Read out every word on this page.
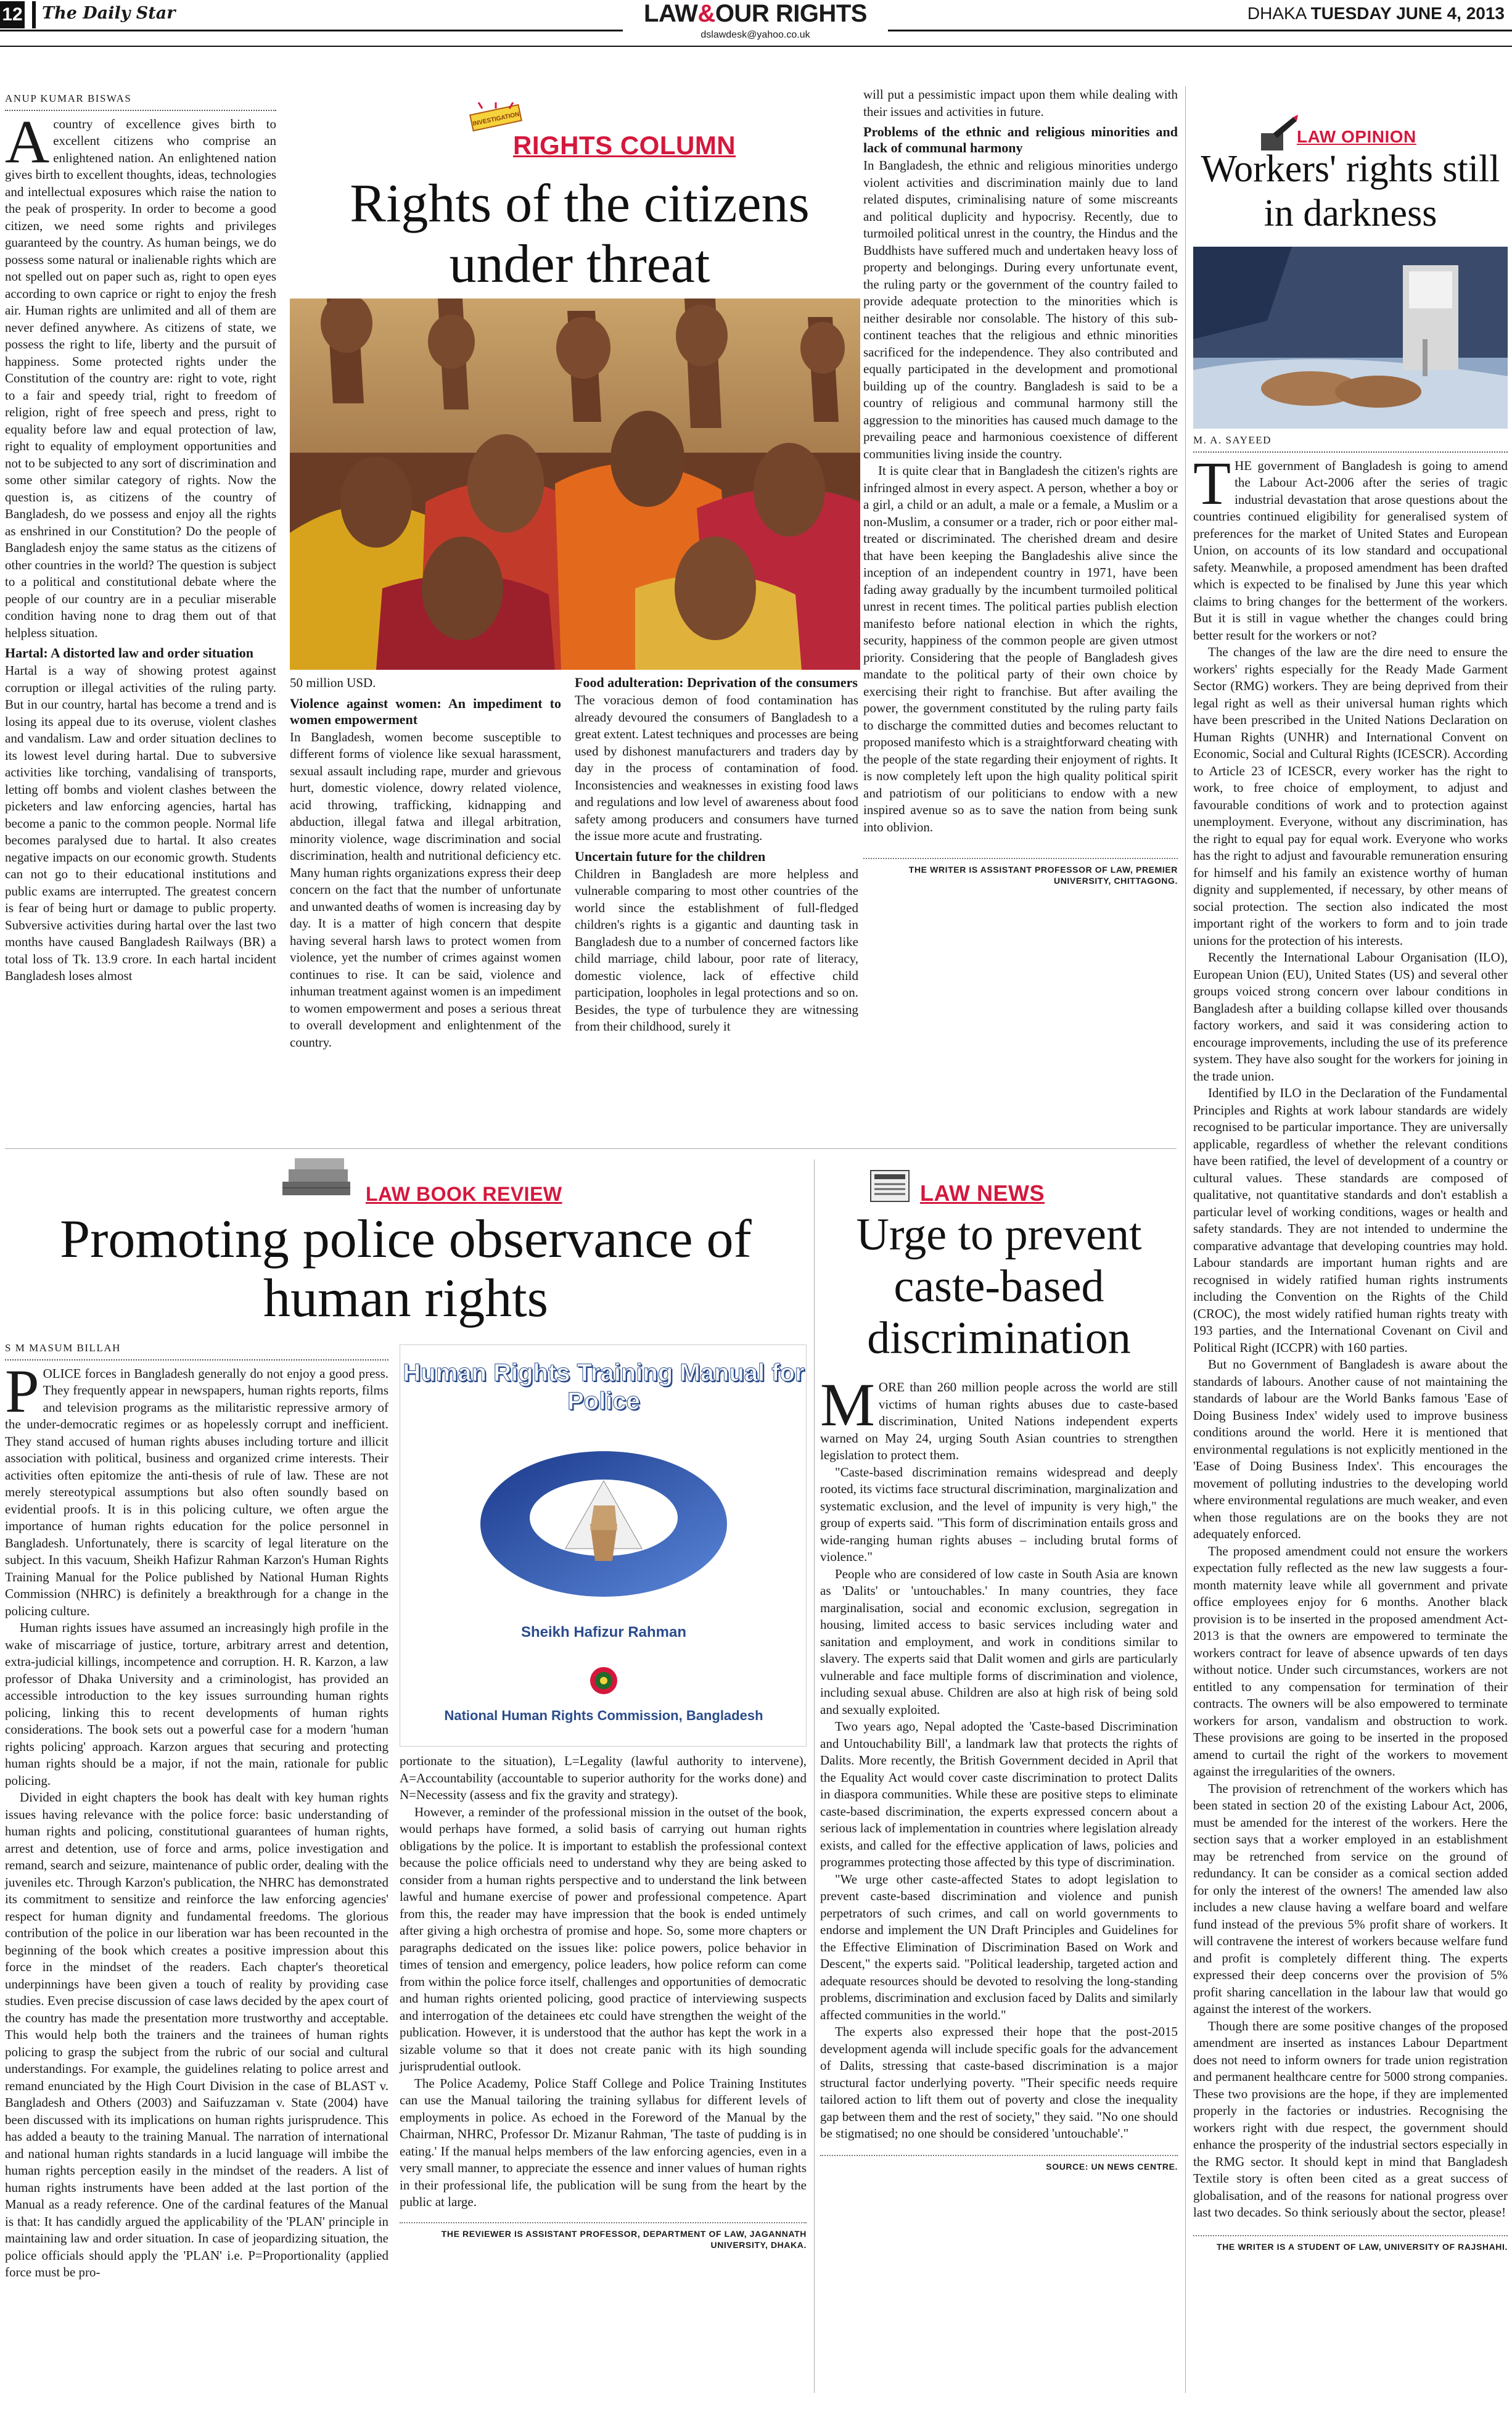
12 The Daily Star	LAW&OUR RIGHTS
dslawdesk@yahoo.co.uk
DHAKA TUESDAY JUNE 4, 2013
ANUP KUMAR BISWAS

Acountry of excellence gives birth to excellent citizens who comprise an enlightened nation. An enlightened nation gives birth to excellent thoughts, ideas, technologies and intellectual exposures which raise the nation to the peak of prosperity. In order to become a good citizen, we need some rights and privileges guaranteed by the country. As human beings, we do possess some natural or inalienable rights which are not spelled out on paper such as, right to open eyes according to own caprice or right to enjoy the fresh air. Human rights are unlimited and all of them are never defined anywhere. As citizens of state, we possess the right to life, liberty and the pursuit of happiness. Some protected rights under the Constitution of the country are: right to vote, right to a fair and speedy trial, right to freedom of religion, right of free speech and press, right to equality before law and equal protection of law, right to equality of employment opportunities and not to be subjected to any sort of discrimination and some other similar category of rights. Now the question is, as citizens of the country of Bangladesh, do we possess and enjoy all the rights as enshrined in our Constitution? Do the people of Bangladesh enjoy the same status as the citizens of other countries in the world? The question is subject to a political and constitutional debate where the people of our country are in a peculiar miserable condition having none to drag them out of that helpless situation.

Hartal: A distorted law and order situation

Hartal is a way of showing protest against corruption or illegal activities of the ruling party. But in our country, hartal has become a trend and is losing its appeal due to its overuse, violent clashes and vandalism. Law and order situation declines to its lowest level during hartal. Due to subversive activities like torching, vandalising of transports, letting off bombs and violent clashes between the picketers and law enforcing agencies, hartal has become a panic to the common people. Normal life becomes paralysed due to hartal. It also creates negative impacts on our economic growth. Students can not go to their educational institutions and public exams are interrupted. The greatest concern is fear of being hurt or damage to public property. Subversive activities during hartal over the last two months have caused Bangladesh Railways (BR) a total loss of Tk. 13.9 crore. In each hartal incident Bangladesh loses almost

INVESTIGATION
RIGHTS COLUMN
Rights of the citizens under threat

50 million USD.

Violence against women: An impediment to women empowerment

In Bangladesh, women become susceptible to different forms of violence like sexual harassment, sexual assault including rape, murder and grievous hurt, domestic violence, dowry related violence, acid throwing, trafficking, kidnapping and abduction, illegal fatwa and illegal arbitration, minority violence, wage discrimination and social discrimination, health and nutritional deficiency etc. Many human rights organizations express their deep concern on the fact that the number of unfortunate and unwanted deaths of women is increasing day by day. It is a matter of high concern that despite having several harsh laws to protect women from violence, yet the number of crimes against women continues to rise. It can be said, violence and inhuman treatment against women is an impediment to women empowerment and poses a serious threat to overall development and enlightenment of the country.

Food adulteration: Deprivation of the consumers

The voracious demon of food contamination has already devoured the consumers of Bangladesh to a great extent. Latest techniques and processes are being used by dishonest manufacturers and traders day by day in the process of contamination of food. Inconsistencies and weaknesses in existing food laws and regulations and low level of awareness about food safety among producers and consumers have turned the issue more acute and frustrating.

Uncertain future for the children

Children in Bangladesh are more helpless and vulnerable comparing to most other countries of the world since the establishment of full-fledged children's rights is a gigantic and daunting task in Bangladesh due to a number of concerned factors like child marriage, child labour, poor rate of literacy, domestic violence, lack of effective child participation, loopholes in legal protections and so on. Besides, the type of turbulence they are witnessing from their childhood, surely it

will put a pessimistic impact upon them while dealing with their issues and activities in future.

Problems of the ethnic and religious minorities and lack of communal harmony

In Bangladesh, the ethnic and religious minorities undergo violent activities and discrimination mainly due to land related disputes, criminalising nature of some miscreants and political duplicity and hypocrisy. Recently, due to turmoiled political unrest in the country, the Hindus and the Buddhists have suffered much and undertaken heavy loss of property and belongings. During every unfortunate event, the ruling party or the government of the country failed to provide adequate protection to the minorities which is neither desirable nor consolable. The history of this sub-continent teaches that the religious and ethnic minorities sacrificed for the independence. They also contributed and equally participated in the development and promotional building up of the country. Bangladesh is said to be a country of religious and communal harmony still the aggression to the minorities has caused much damage to the prevailing peace and harmonious coexistence of different communities living inside the country.

It is quite clear that in Bangladesh the citizen's rights are infringed almost in every aspect. A person, whether a boy or a girl, a child or an adult, a male or a female, a Muslim or a non-Muslim, a consumer or a trader, rich or poor either mal-treated or discriminated. The cherished dream and desire that have been keeping the Bangladeshis alive since the inception of an independent country in 1971, have been fading away gradually by the incumbent turmoiled political unrest in recent times. The political parties publish election manifesto before national election in which the rights, security, happiness of the common people are given utmost priority. Considering that the people of Bangladesh gives mandate to the political party of their own choice by exercising their right to franchise. But after availing the power, the government constituted by the ruling party fails to discharge the committed duties and becomes reluctant to proposed manifesto which is a straightforward cheating with the people of the state regarding their enjoyment of rights. It is now completely left upon the high quality political spirit and patriotism of our politicians to endow with a new inspired avenue so as to save the nation from being sunk into oblivion.

THE WRITER IS ASSISTANT PROFESSOR OF LAW, PREMIER UNIVERSITY, CHITTAGONG.
LAW OPINION
Workers' rights still in darkness
M. A. SAYEED

THE government of Bangladesh is going to amend the Labour Act-2006 after the series of tragic industrial devastation that arose questions about the countries continued eligibility for generalised system of preferences for the market of United States and European Union, on accounts of its low standard and occupational safety. Meanwhile, a proposed amendment has been drafted which is expected to be finalised by June this year which claims to bring changes for the betterment of the workers. But it is still in vague whether the changes could bring better result for the workers or not?

The changes of the law are the dire need to ensure the workers' rights especially for the Ready Made Garment Sector (RMG) workers. They are being deprived from their legal right as well as their universal human rights which have been prescribed in the United Nations Declaration on Human Rights (UNHR) and International Convent on Economic, Social and Cultural Rights (ICESCR). According to Article 23 of ICESCR, every worker has the right to work, to free choice of employment, to adjust and favourable conditions of work and to protection against unemployment. Everyone, without any discrimination, has the right to equal pay for equal work. Everyone who works has the right to adjust and favourable remuneration ensuring for himself and his family an existence worthy of human dignity and supplemented, if necessary, by other means of social protection. The section also indicated the most important right of the workers to form and to join trade unions for the protection of his interests.

Recently the International Labour Organisation (ILO), European Union (EU), United States (US) and several other groups voiced strong concern over labour conditions in Bangladesh after a building collapse killed over thousands factory workers, and said it was considering action to encourage improvements, including the use of its preference system. They have also sought for the workers for joining in the trade union.

Identified by ILO in the Declaration of the Fundamental Principles and Rights at work labour standards are widely recognised to be particular importance. They are universally applicable, regardless of whether the relevant conditions have been ratified, the level of development of a country or cultural values. These standards are composed of qualitative, not quantitative standards and don't establish a particular level of working conditions, wages or health and safety standards. They are not intended to undermine the comparative advantage that developing countries may hold. Labour standards are important human rights and are recognised in widely ratified human rights instruments including the Convention on the Rights of the Child (CROC), the most widely ratified human rights treaty with 193 parties, and the International Covenant on Civil and Political Right (ICCPR) with 160 parties.

But no Government of Bangladesh is aware about the standards of labours. Another cause of not maintaining the standards of labour are the World Banks famous 'Ease of Doing Business Index' widely used to improve business conditions around the world. Here it is mentioned that environmental regulations is not explicitly mentioned in the 'Ease of Doing Business Index'. This encourages the movement of polluting industries to the developing world where environmental regulations are much weaker, and even when those regulations are on the books they are not adequately enforced.

The proposed amendment could not ensure the workers expectation fully reflected as the new law suggests a four-month maternity leave while all government and private office employees enjoy for 6 months. Another black provision is to be inserted in the proposed amendment Act-2013 is that the owners are empowered to terminate the workers contract for leave of absence upwards of ten days without notice. Under such circumstances, workers are not entitled to any compensation for termination of their contracts. The owners will be also empowered to terminate workers for arson, vandalism and obstruction to work. These provisions are going to be inserted in the proposed amend to curtail the right of the workers to movement against the irregularities of the owners.

The provision of retrenchment of the workers which has been stated in section 20 of the existing Labour Act, 2006, must be amended for the interest of the workers. Here the section says that a worker employed in an establishment may be retrenched from service on the ground of redundancy. It can be consider as a comical section added for only the interest of the owners! The amended law also includes a new clause having a welfare board and welfare fund instead of the previous 5% profit share of workers. It will contravene the interest of workers because welfare fund and profit is completely different thing. The experts expressed their deep concerns over the provision of 5% profit sharing cancellation in the labour law that would go against the interest of the workers.

Though there are some positive changes of the proposed amendment are inserted as instances Labour Department does not need to inform owners for trade union registration and permanent healthcare centre for 5000 strong companies. These two provisions are the hope, if they are implemented properly in the factories or industries. Recognising the workers right with due respect, the government should enhance the prosperity of the industrial sectors especially in the RMG sector. It should kept in mind that Bangladesh Textile story is often been cited as a great success of globalisation, and of the reasons for national progress over last two decades. So think seriously about the sector, please!

THE WRITER IS A STUDENT OF LAW, UNIVERSITY OF RAJSHAHI.
LAW BOOK REVIEW
Promoting police observance of human rights
S M MASUM BILLAH

POLICE forces in Bangladesh generally do not enjoy a good press. They frequently appear in newspapers, human rights reports, films and television programs as the militaristic repressive armory of the under-democratic regimes or as hopelessly corrupt and inefficient. They stand accused of human rights abuses including torture and illicit association with political, business and organized crime interests. Their activities often epitomize the anti-thesis of rule of law. These are not merely stereotypical assumptions but also often soundly based on evidential proofs. It is in this policing culture, we often argue the importance of human rights education for the police personnel in Bangladesh. Unfortunately, there is scarcity of legal literature on the subject. In this vacuum, Sheikh Hafizur Rahman Karzon's Human Rights Training Manual for the Police published by National Human Rights Commission (NHRC) is definitely a breakthrough for a change in the policing culture.

Human rights issues have assumed an increasingly high profile in the wake of miscarriage of justice, torture, arbitrary arrest and detention, extra-judicial killings, incompetence and corruption. H. R. Karzon, a law professor of Dhaka University and a criminologist, has provided an accessible introduction to the key issues surrounding human rights policing, linking this to recent developments of human rights considerations. The book sets out a powerful case for a modern 'human rights policing' approach. Karzon argues that securing and protecting human rights should be a major, if not the main, rationale for public policing.

Divided in eight chapters the book has dealt with key human rights issues having relevance with the police force: basic understanding of human rights and policing, constitutional guarantees of human rights, arrest and detention, use of force and arms, police investigation and remand, search and seizure, maintenance of public order, dealing with the juveniles etc. Through Karzon's publication, the NHRC has demonstrated its commitment to sensitize and reinforce the law enforcing agencies' respect for human dignity and fundamental freedoms. The glorious contribution of the police in our liberation war has been recounted in the beginning of the book which creates a positive impression about this force in the mindset of the readers. Each chapter's theoretical underpinnings have been given a touch of reality by providing case studies. Even precise discussion of case laws decided by the apex court of the country has made the presentation more trustworthy and acceptable. This would help both the trainers and the trainees of human rights policing to grasp the subject from the rubric of our social and cultural understandings. For example, the guidelines relating to police arrest and remand enunciated by the High Court Division in the case of BLAST v. Bangladesh and Others (2003) and Saifuzzaman v. State (2004) have been discussed with its implications on human rights jurisprudence. This has added a beauty to the training Manual. The narration of international and national human rights standards in a lucid language will imbibe the human rights perception easily in the mindset of the readers. A list of human rights instruments have been added at the last portion of the Manual as a ready reference. One of the cardinal features of the Manual is that: It has candidly argued the applicability of the 'PLAN' principle in maintaining law and order situation. In case of jeopardizing situation, the police officials should apply the 'PLAN' i.e. P=Proportionality (applied force must be pro-

Human Rights Training Manual for Police
Sheikh Hafizur Rahman
National Human Rights Commission, Bangladesh

portionate to the situation), L=Legality (lawful authority to intervene), A=Accountability (accountable to superior authority for the works done) and N=Necessity (assess and fix the gravity and strategy).

However, a reminder of the professional mission in the outset of the book, would perhaps have formed, a solid basis of carrying out human rights obligations by the police. It is important to establish the professional context because the police officials need to understand why they are being asked to consider from a human rights perspective and to understand the link between lawful and humane exercise of power and professional competence. Apart from this, the reader may have impression that the book is ended untimely after giving a high orchestra of promise and hope. So, some more chapters or paragraphs dedicated on the issues like: police powers, police behavior in times of tension and emergency, police leaders, how police reform can come from within the police force itself, challenges and opportunities of democratic and human rights oriented policing, good practice of interviewing suspects and interrogation of the detainees etc could have strengthen the weight of the publication. However, it is understood that the author has kept the work in a sizable volume so that it does not create panic with its high sounding jurisprudential outlook.

The Police Academy, Police Staff College and Police Training Institutes can use the Manual tailoring the training syllabus for different levels of employments in police. As echoed in the Foreword of the Manual by the Chairman, NHRC, Professor Dr. Mizanur Rahman, 'The taste of pudding is in eating.' If the manual helps members of the law enforcing agencies, even in a very small manner, to appreciate the essence and inner values of human rights in their professional life, the publication will be sung from the heart by the public at large.

THE REVIEWER IS ASSISTANT PROFESSOR, DEPARTMENT OF LAW, JAGANNATH UNIVERSITY, DHAKA.
LAW NEWS
Urge to prevent caste-based discrimination

MORE than 260 million people across the world are still victims of human rights abuses due to caste-based discrimination, United Nations independent experts warned on May 24, urging South Asian countries to strengthen legislation to protect them.

"Caste-based discrimination remains widespread and deeply rooted, its victims face structural discrimination, marginalization and systematic exclusion, and the level of impunity is very high," the group of experts said. "This form of discrimination entails gross and wide-ranging human rights abuses – including brutal forms of violence."

People who are considered of low caste in South Asia are known as 'Dalits' or 'untouchables.' In many countries, they face marginalisation, social and economic exclusion, segregation in housing, limited access to basic services including water and sanitation and employment, and work in conditions similar to slavery. The experts said that Dalit women and girls are particularly vulnerable and face multiple forms of discrimination and violence, including sexual abuse. Children are also at high risk of being sold and sexually exploited.

Two years ago, Nepal adopted the 'Caste-based Discrimination and Untouchability Bill', a landmark law that protects the rights of Dalits. More recently, the British Government decided in April that the Equality Act would cover caste discrimination to protect Dalits in diaspora communities. While these are positive steps to eliminate caste-based discrimination, the experts expressed concern about a serious lack of implementation in countries where legislation already exists, and called for the effective application of laws, policies and programmes protecting those affected by this type of discrimination.

"We urge other caste-affected States to adopt legislation to prevent caste-based discrimination and violence and punish perpetrators of such crimes, and call on world governments to endorse and implement the UN Draft Principles and Guidelines for the Effective Elimination of Discrimination Based on Work and Descent," the experts said. "Political leadership, targeted action and adequate resources should be devoted to resolving the long-standing problems, discrimination and exclusion faced by Dalits and similarly affected communities in the world."

The experts also expressed their hope that the post-2015 development agenda will include specific goals for the advancement of Dalits, stressing that caste-based discrimination is a major structural factor underlying poverty. "Their specific needs require tailored action to lift them out of poverty and close the inequality gap between them and the rest of society," they said. "No one should be stigmatised; no one should be considered 'untouchable'."

SOURCE: UN NEWS CENTRE.
